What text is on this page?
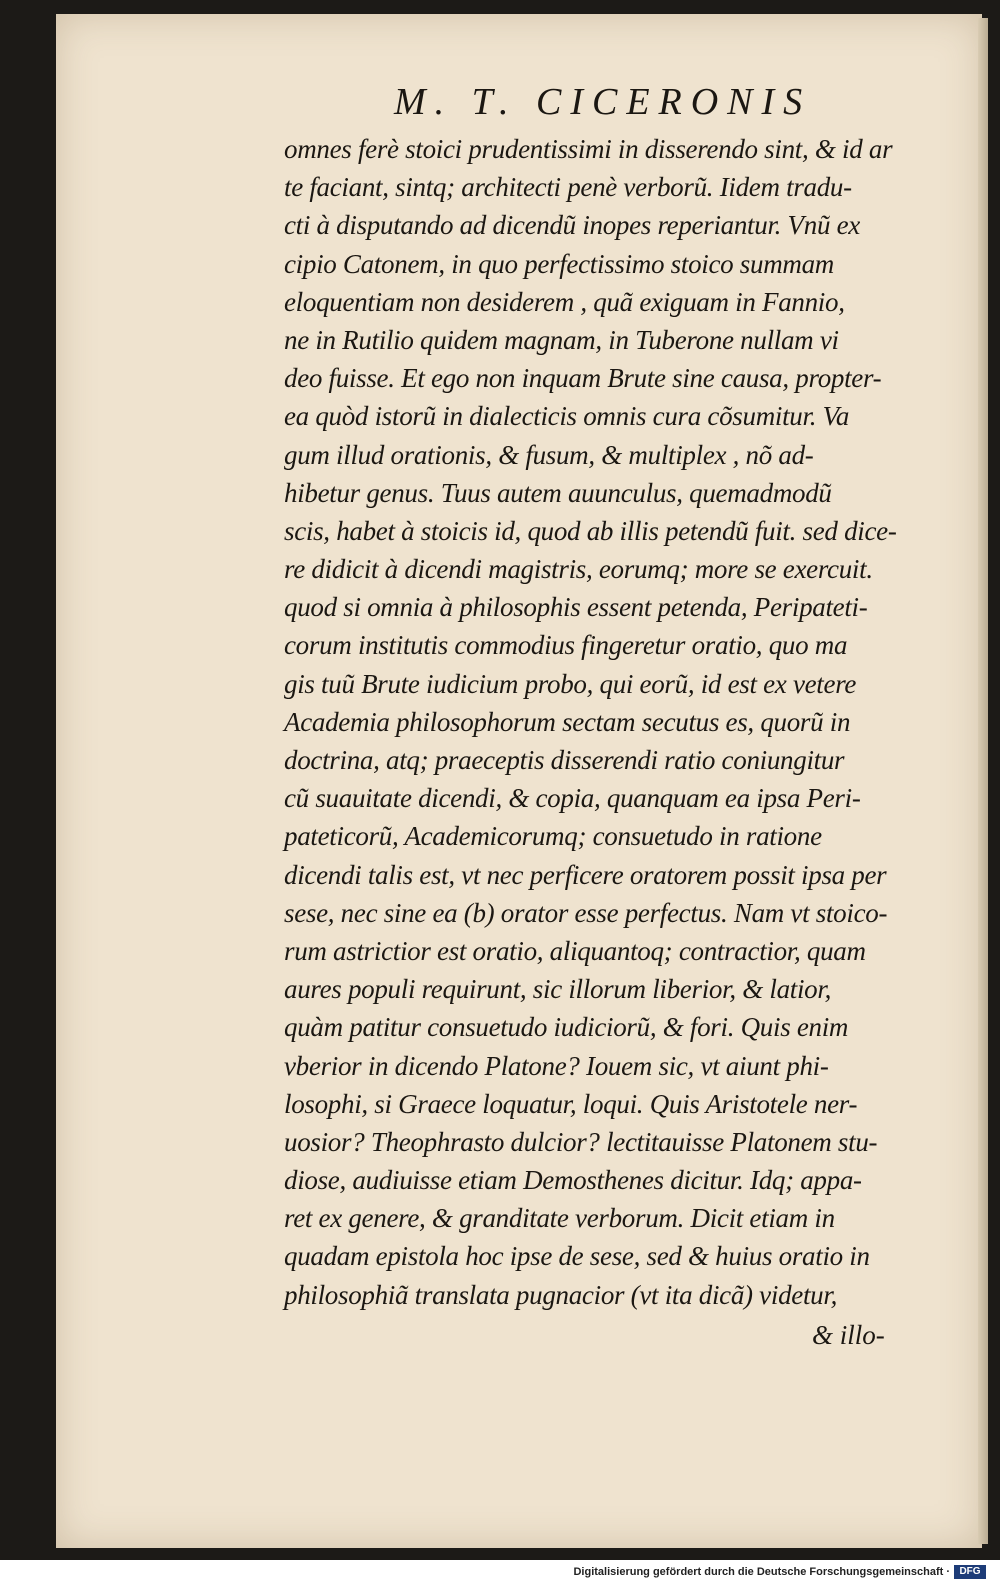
M. T. CICERONIS
omnes ferè stoici prudentissimi in disserendo sint, & id ar
te faciant, sintq; architecti penè verborũ. Iidem tradu-
cti à disputando ad dicendũ inopes reperiantur. Vnũ ex
cipio Catonem, in quo perfectissimo stoico summam
eloquentiam non desiderem , quã exiguam in Fannio,
ne in Rutilio quidem magnam, in Tuberone nullam vi
deo fuisse. Et ego non inquam Brute sine causa, propter-
ea quòd istorũ in dialecticis omnis cura cõsumitur. Va
gum illud orationis, & fusum, & multiplex , nõ ad-
hibetur genus. Tuus autem auunculus, quemadmodũ
scis, habet à stoicis id, quod ab illis petendũ fuit. sed dice-
re didicit à dicendi magistris, eorumq; more se exercuit.
quod si omnia à philosophis essent petenda, Peripateti-
corum institutis commodius fingeretur oratio, quo ma
gis tuũ Brute iudicium probo, qui eorũ, id est ex vetere
Academia philosophorum sectam secutus es, quorũ in
doctrina, atq; praeceptis disserendi ratio coniungitur
cũ suauitate dicendi, & copia, quanquam ea ipsa Peri-
pateticorũ, Academicorumq; consuetudo in ratione
dicendi talis est, vt nec perficere oratorem possit ipsa per
sese, nec sine ea (b) orator esse perfectus. Nam vt stoico-
rum astrictior est oratio, aliquantoq; contractior, quam
aures populi requirunt, sic illorum liberior, & latior,
quàm patitur consuetudo iudiciorũ, & fori. Quis enim
vberior in dicendo Platone? Iouem sic, vt aiunt phi-
losophi, si Graece loquatur, loqui. Quis Aristotele ner-
uosior? Theophrasto dulcior? lectitauisse Platonem stu-
diose, audiuisse etiam Demosthenes dicitur. Idq; appa-
ret ex genere, & granditate verborum. Dicit etiam in
quadam epistola hoc ipse de sese, sed & huius oratio in
philosophiã translata pugnacior (vt ita dicã) videtur,
& illo-
Digitalisierung gefördert durch die Deutsche Forschungsgemeinschaft · DFG
